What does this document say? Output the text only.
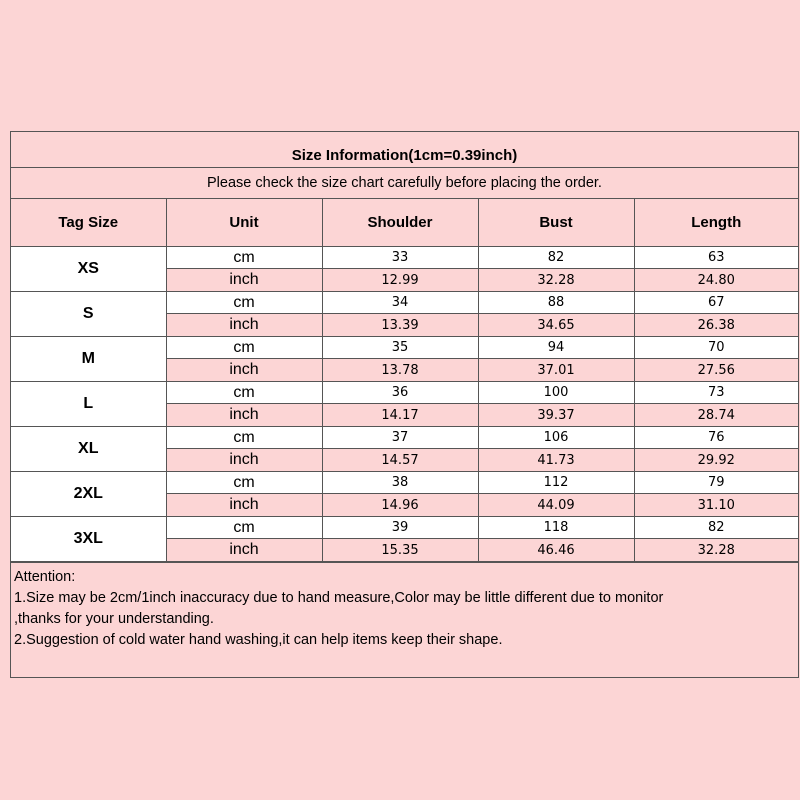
Size Information(1cm=0.39inch)
Please check the size chart carefully before placing the order.
Tag Size	Unit	Shoulder	Bust	Length
XS	cm	33	82	63
	inch	12.99	32.28	24.80
S	cm	34	88	67
	inch	13.39	34.65	26.38
M	cm	35	94	70
	inch	13.78	37.01	27.56
L	cm	36	100	73
	inch	14.17	39.37	28.74
XL	cm	37	106	76
	inch	14.57	41.73	29.92
2XL	cm	38	112	79
	inch	14.96	44.09	31.10
3XL	cm	39	118	82
	inch	15.35	46.46	32.28
Attention:
1.Size may be 2cm/1inch inaccuracy due to hand measure,Color may be little different due to monitor
,thanks for your understanding.
2.Suggestion of cold water hand washing,it can help items keep their shape.
